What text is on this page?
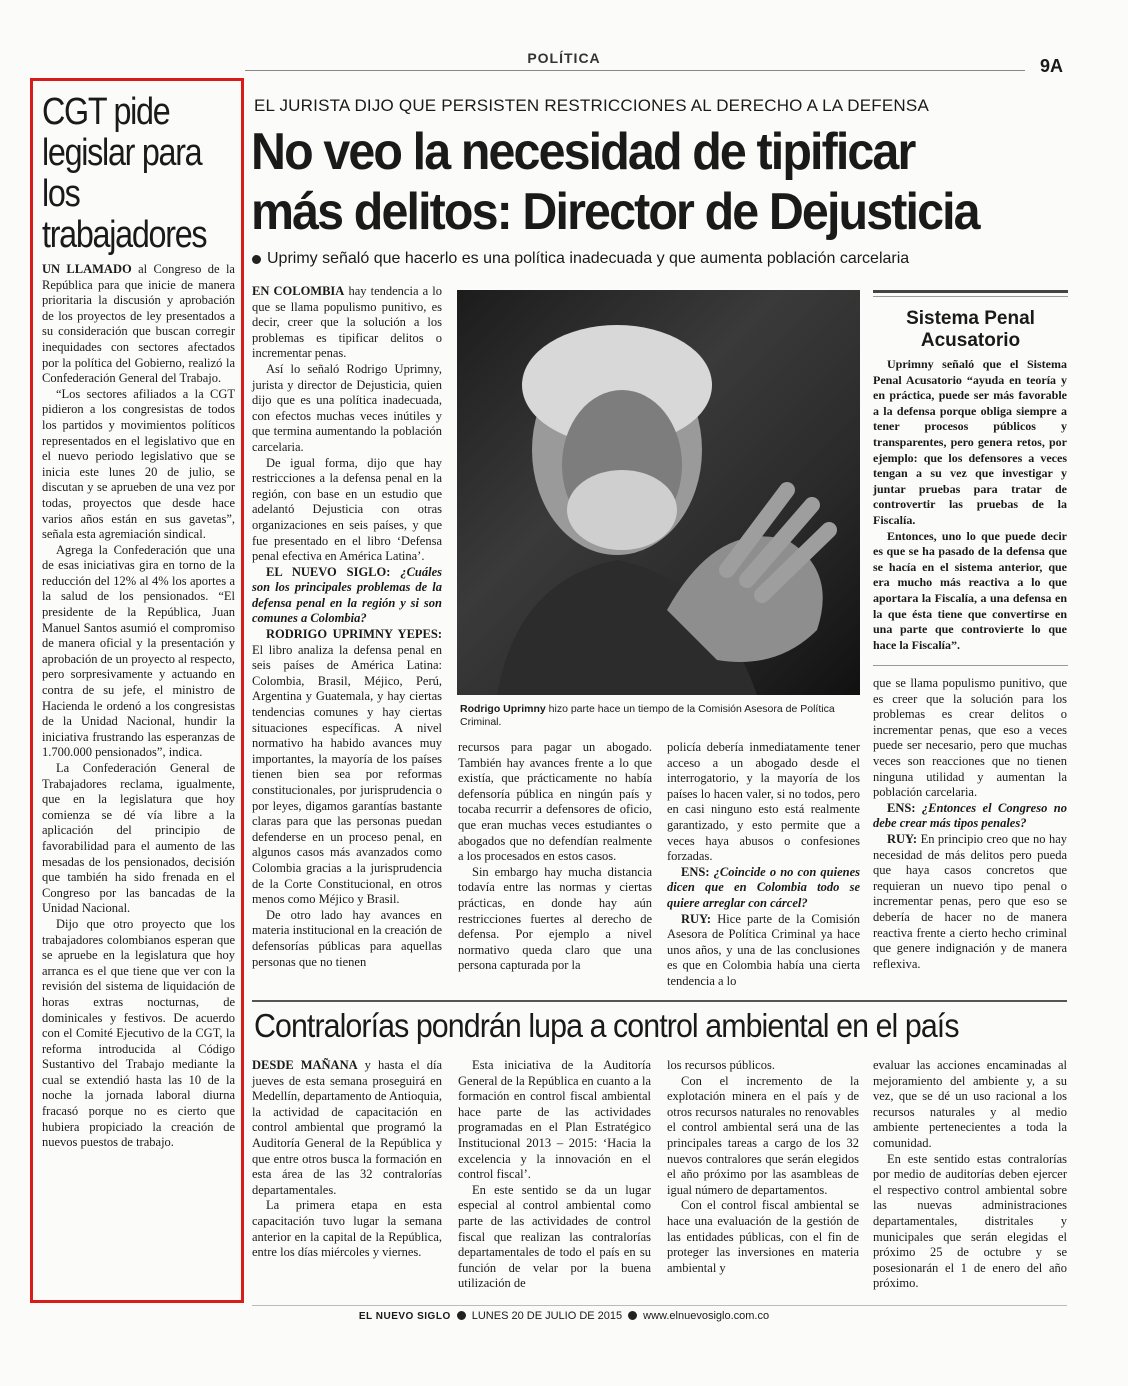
POLÍTICA	9A
CGT pide legislar para los trabajadores

UN LLAMADO al Congreso de la República para que inicie de manera prioritaria la discusión y aprobación de los proyectos de ley presentados a su consideración que buscan corregir inequidades con sectores afectados por la política del Gobierno, realizó la Confederación General del Trabajo.

“Los sectores afiliados a la CGT pidieron a los congresistas de todos los partidos y movimientos políticos representados en el legislativo que en el nuevo periodo legislativo que se inicia este lunes 20 de julio, se discutan y se aprueben de una vez por todas, proyectos que desde hace varios años están en sus gavetas”, señala esta agremiación sindical.

Agrega la Confederación que una de esas iniciativas gira en torno de la reducción del 12% al 4% los aportes a la salud de los pensionados. “El presidente de la República, Juan Manuel Santos asumió el compromiso de manera oficial y la presentación y aprobación de un proyecto al respecto, pero sorpresivamente y actuando en contra de su jefe, el ministro de Hacienda le ordenó a los congresistas de la Unidad Nacional, hundir la iniciativa frustrando las esperanzas de 1.700.000 pensionados”, indica.

La Confederación General de Trabajadores reclama, igualmente, que en la legislatura que hoy comienza se dé vía libre a la aplicación del principio de favorabilidad para el aumento de las mesadas de los pensionados, decisión que también ha sido frenada en el Congreso por las bancadas de la Unidad Nacional.

Dijo que otro proyecto que los trabajadores colombianos esperan que se apruebe en la legislatura que hoy arranca es el que tiene que ver con la revisión del sistema de liquidación de horas extras nocturnas, de dominicales y festivos. De acuerdo con el Comité Ejecutivo de la CGT, la reforma introducida al Código Sustantivo del Trabajo mediante la cual se extendió hasta las 10 de la noche la jornada laboral diurna fracasó porque no es cierto que hubiera propiciado la creación de nuevos puestos de trabajo.

EL JURISTA DIJO QUE PERSISTEN RESTRICCIONES AL DERECHO A LA DEFENSA
No veo la necesidad de tipificar más delitos: Director de Dejusticia
Uprimy señaló que hacerlo es una política inadecuada y que aumenta población carcelaria

EN COLOMBIA hay tendencia a lo que se llama populismo punitivo, es decir, creer que la solución a los problemas es tipificar delitos o incrementar penas.

Así lo señaló Rodrigo Uprimny, jurista y director de Dejusticia, quien dijo que es una política inadecuada, con efectos muchas veces inútiles y que termina aumentando la población carcelaria.

De igual forma, dijo que hay restricciones a la defensa penal en la región, con base en un estudio que adelantó Dejusticia con otras organizaciones en seis países, y que fue presentado en el libro ‘Defensa penal efectiva en América Latina’.

EL NUEVO SIGLO: ¿Cuáles son los principales problemas de la defensa penal en la región y si son comunes a Colombia?

RODRIGO UPRIMNY YEPES: El libro analiza la defensa penal en seis países de América Latina: Colombia, Brasil, Méjico, Perú, Argentina y Guatemala, y hay ciertas tendencias comunes y hay ciertas situaciones específicas. A nivel normativo ha habido avances muy importantes, la mayoría de los países tienen bien sea por reformas constitucionales, por jurisprudencia o por leyes, digamos garantías bastante claras para que las personas puedan defenderse en un proceso penal, en algunos casos más avanzados como Colombia gracias a la jurisprudencia de la Corte Constitucional, en otros menos como Méjico y Brasil.

De otro lado hay avances en materia institucional en la creación de defensorías públicas para aquellas personas que no tienen

Rodrigo Uprimny hizo parte hace un tiempo de la Comisión Asesora de Política Criminal.

recursos para pagar un abogado. También hay avances frente a lo que existía, que prácticamente no había defensoría pública en ningún país y tocaba recurrir a defensores de oficio, que eran muchas veces estudiantes o abogados que no defendían realmente a los procesados en estos casos.

Sin embargo hay mucha distancia todavía entre las normas y ciertas prácticas, en donde hay aún restricciones fuertes al derecho de defensa. Por ejemplo a nivel normativo queda claro que una persona capturada por la

policía debería inmediatamente tener acceso a un abogado desde el interrogatorio, y la mayoría de los países lo hacen valer, si no todos, pero en casi ninguno esto está realmente garantizado, y esto permite que a veces haya abusos o confesiones forzadas.

ENS: ¿Coincide o no con quienes dicen que en Colombia todo se quiere arreglar con cárcel?

RUY: Hice parte de la Comisión Asesora de Política Criminal ya hace unos años, y una de las conclusiones es que en Colombia había una cierta tendencia a lo

Sistema Penal Acusatorio

Uprimny señaló que el Sistema Penal Acusatorio “ayuda en teoría y en práctica, puede ser más favorable a la defensa porque obliga siempre a tener procesos públicos y transparentes, pero genera retos, por ejemplo: que los defensores a veces tengan a su vez que investigar y juntar pruebas para tratar de controvertir las pruebas de la Fiscalía.

Entonces, uno lo que puede decir es que se ha pasado de la defensa que se hacía en el sistema anterior, que era mucho más reactiva a lo que aportara la Fiscalía, a una defensa en la que ésta tiene que convertirse en una parte que controvierte lo que hace la Fiscalía”.

que se llama populismo punitivo, que es creer que la solución para los problemas es crear delitos o incrementar penas, que eso a veces puede ser necesario, pero que muchas veces son reacciones que no tienen ninguna utilidad y aumentan la población carcelaria.

ENS: ¿Entonces el Congreso no debe crear más tipos penales?

RUY: En principio creo que no hay necesidad de más delitos pero pueda que haya casos concretos que requieran un nuevo tipo penal o incrementar penas, pero que eso se debería de hacer no de manera reactiva frente a cierto hecho criminal que genere indignación y de manera reflexiva.

Contralorías pondrán lupa a control ambiental en el país

DESDE MAÑANA y hasta el día jueves de esta semana proseguirá en Medellín, departamento de Antioquia, la actividad de capacitación en control ambiental que programó la Auditoría General de la República y que entre otros busca la formación en esta área de las 32 contralorías departamentales.

La primera etapa en esta capacitación tuvo lugar la semana anterior en la capital de la República, entre los días miércoles y viernes.

Esta iniciativa de la Auditoría General de la República en cuanto a la formación en control fiscal ambiental hace parte de las actividades programadas en el Plan Estratégico Institucional 2013 – 2015: ‘Hacia la excelencia y la innovación en el control fiscal’.

En este sentido se da un lugar especial al control ambiental como parte de las actividades de control fiscal que realizan las contralorías departamentales de todo el país en su función de velar por la buena utilización de

los recursos públicos.

Con el incremento de la explotación minera en el país y de otros recursos naturales no renovables el control ambiental será una de las principales tareas a cargo de los 32 nuevos contralores que serán elegidos el año próximo por las asambleas de igual número de departamentos.

Con el control fiscal ambiental se hace una evaluación de la gestión de las entidades públicas, con el fin de proteger las inversiones en materia ambiental y

evaluar las acciones encaminadas al mejoramiento del ambiente y, a su vez, que se dé un uso racional a los recursos naturales y al medio ambiente pertenecientes a toda la comunidad.

En este sentido estas contralorías por medio de auditorías deben ejercer el respectivo control ambiental sobre las nuevas administraciones departamentales, distritales y municipales que serán elegidas el próximo 25 de octubre y se posesionarán el 1 de enero del año próximo.

EL NUEVO SIGLO LUNES 20 DE JULIO DE 2015 www.elnuevosiglo.com.co
